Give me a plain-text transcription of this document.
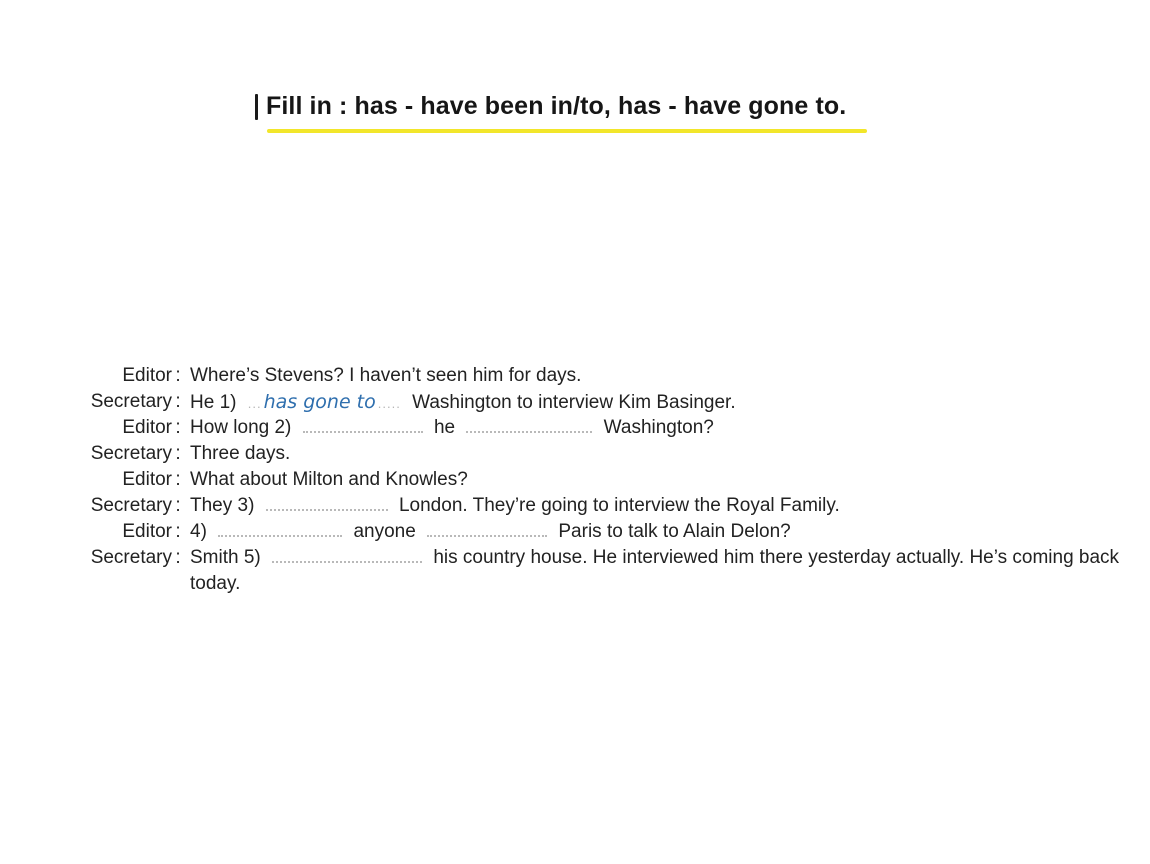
Fill in : has - have been in/to, has - have gone to.
Editor : Where’s Stevens? I haven’t seen him for days.
Secretary : He 1) ... has gone to ..... Washington to interview Kim Basinger.
Editor : How long 2)	he	Washington?
Secretary : Three days.
Editor : What about Milton and Knowles?
Secretary : They 3)	London. They’re going to interview the Royal Family.
Editor : 4)	anyone	Paris to talk to Alain Delon?
Secretary : Smith 5)	his country house. He interviewed him there yesterday actually. He’s coming back today.
